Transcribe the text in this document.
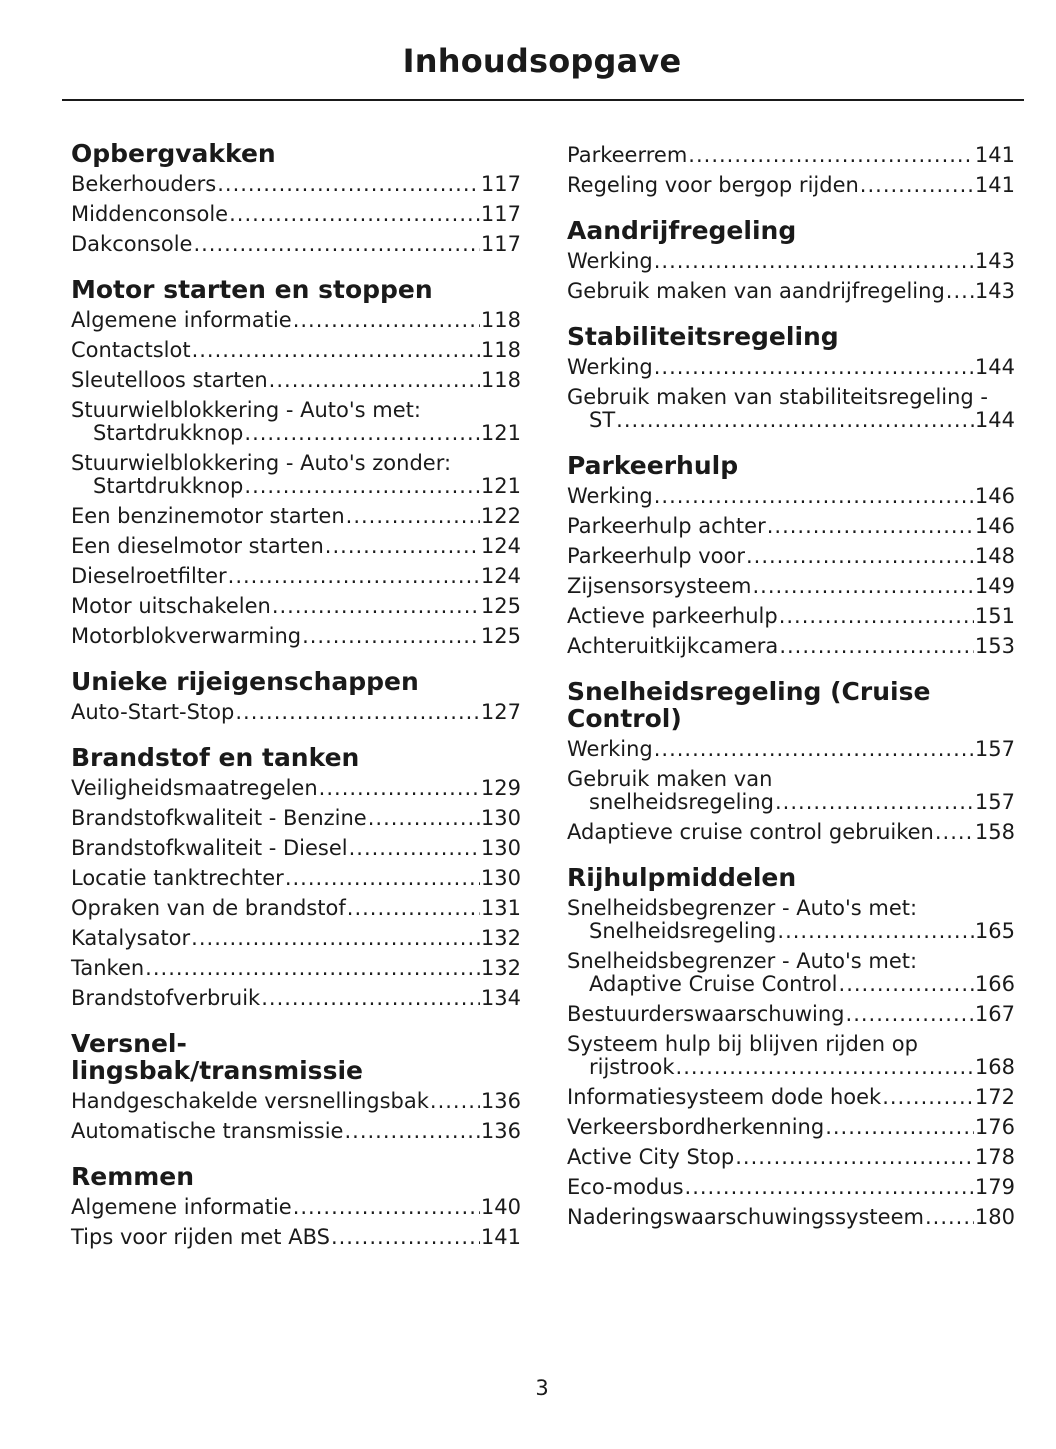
Inhoudsopgave
Opbergvakken
Bekerhouders .....	117
Middenconsole .....	117
Dakconsole .....	117
Motor starten en stoppen
Algemene informatie .....	118
Contactslot .....	118
Sleutelloos starten .....	118
Stuurwielblokkering - Auto's met:
Startdrukknop .....	121
Stuurwielblokkering - Auto's zonder:
Startdrukknop .....	121
Een benzinemotor starten .....	122
Een dieselmotor starten .....	124
Dieselroetfilter .....	124
Motor uitschakelen .....	125
Motorblokverwarming .....	125
Unieke rijeigenschappen
Auto-Start-Stop .....	127
Brandstof en tanken
Veiligheidsmaatregelen .....	129
Brandstofkwaliteit - Benzine .....	130
Brandstofkwaliteit - Diesel .....	130
Locatie tanktrechter .....	130
Opraken van de brandstof .....	131
Katalysator .....	132
Tanken .....	132
Brandstofverbruik .....	134
Versnel-
lingsbak/transmissie
Handgeschakelde versnellingsbak ..... 136
Automatische transmissie .....	136
Remmen
Algemene informatie .....	140
Tips voor rijden met ABS .....	141
Parkeerrem .....	141
Regeling voor bergop rijden .....	141
Aandrijfregeling
Werking .....	143
Gebruik maken van aandrijfregeling ..... 143
Stabiliteitsregeling
Werking .....	144
Gebruik maken van stabiliteitsregeling -
ST .....	144
Parkeerhulp
Werking .....	146
Parkeerhulp achter .....	146
Parkeerhulp voor .....	148
Zijsensorsysteem .....	149
Actieve parkeerhulp .....	151
Achteruitkijkcamera .....	153
Snelheidsregeling (Cruise
Control)
Werking .....	157
Gebruik maken van
snelheidsregeling .....	157
Adaptieve cruise control gebruiken ..... 158
Rijhulpmiddelen
Snelheidsbegrenzer - Auto's met:
Snelheidsregeling .....	165
Snelheidsbegrenzer - Auto's met:
Adaptive Cruise Control .....	166
Bestuurderswaarschuwing .....	167
Systeem hulp bij blijven rijden op
rijstrook .....	168
Informatiesysteem dode hoek .....	172
Verkeersbordherkenning .....	176
Active City Stop .....	178
Eco-modus .....	179
Naderingswaarschuwingssysteem ..... 180
3
